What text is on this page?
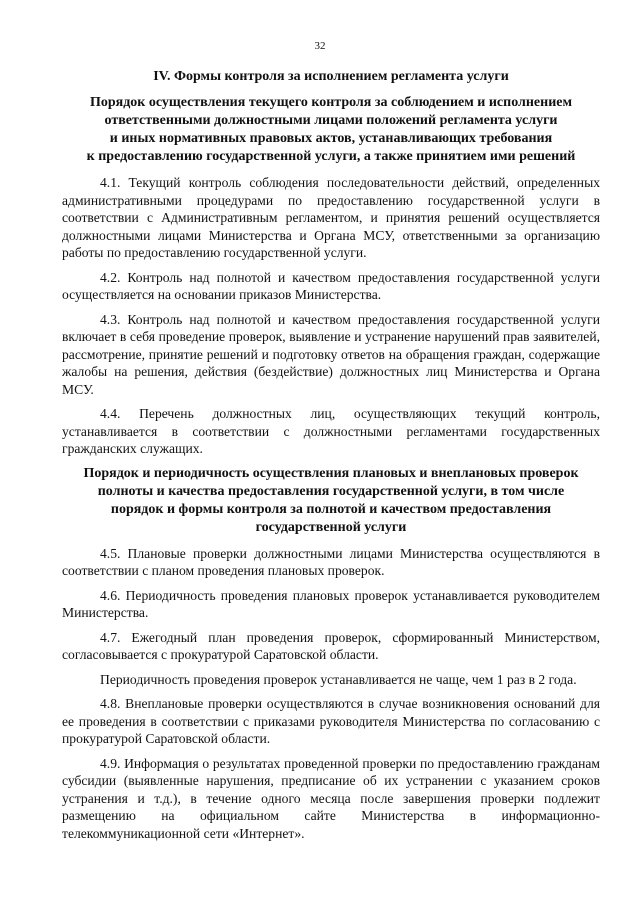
32
IV. Формы контроля за исполнением регламента услуги
Порядок осуществления текущего контроля за соблюдением и исполнением
ответственными должностными лицами положений регламента услуги
и иных нормативных правовых актов, устанавливающих требования
к предоставлению государственной услуги, а также принятием ими решений

4.1. Текущий контроль соблюдения последовательности действий, определенных административными процедурами по предоставлению государственной услуги в соответствии с Административным регламентом, и принятия решений осуществляется должностными лицами Министерства и Органа МСУ, ответственными за организацию работы по предоставлению государственной услуги.

4.2. Контроль над полнотой и качеством предоставления государственной услуги осуществляется на основании приказов Министерства.

4.3. Контроль над полнотой и качеством предоставления государственной услуги включает в себя проведение проверок, выявление и устранение нарушений прав заявителей, рассмотрение, принятие решений и подготовку ответов на обращения граждан, содержащие жалобы на решения, действия (бездействие) должностных лиц Министерства и Органа МСУ.

4.4. Перечень должностных лиц, осуществляющих текущий контроль, устанавливается в соответствии с должностными регламентами государственных гражданских служащих.

Порядок и периодичность осуществления плановых и внеплановых проверок
полноты и качества предоставления государственной услуги, в том числе
порядок и формы контроля за полнотой и качеством предоставления
государственной услуги

4.5. Плановые проверки должностными лицами Министерства осуществляются в соответствии с планом проведения плановых проверок.

4.6. Периодичность проведения плановых проверок устанавливается руководителем Министерства.

4.7. Ежегодный план проведения проверок, сформированный Министерством, согласовывается с прокуратурой Саратовской области.

Периодичность проведения проверок устанавливается не чаще, чем 1 раз в 2 года.

4.8. Внеплановые проверки осуществляются в случае возникновения оснований для ее проведения в соответствии с приказами руководителя Министерства по согласованию с прокуратурой Саратовской области.

4.9. Информация о результатах проведенной проверки по предоставлению гражданам субсидии (выявленные нарушения, предписание об их устранении с указанием сроков устранения и т.д.), в течение одного месяца после завершения проверки подлежит размещению на официальном сайте Министерства в информационно-телекоммуникационной сети «Интернет».
